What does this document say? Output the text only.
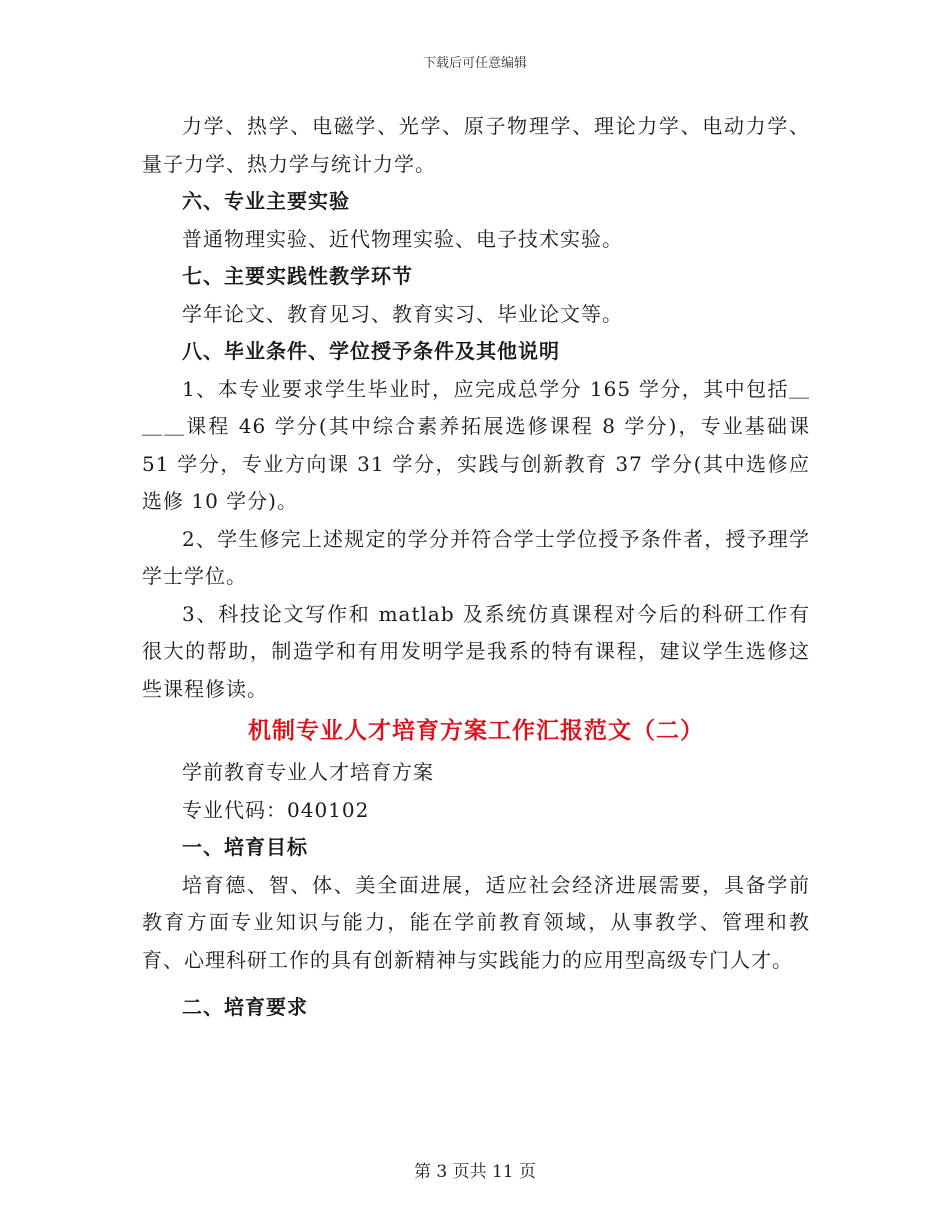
下载后可任意编辑

力学、热学、电磁学、光学、原子物理学、理论力学、电动力学、量子力学、热力学与统计力学。

六、专业主要实验

普通物理实验、近代物理实验、电子技术实验。

七、主要实践性教学环节

学年论文、教育见习、教育实习、毕业论文等。

八、毕业条件、学位授予条件及其他说明

1、本专业要求学生毕业时，应完成总学分 165 学分，其中包括＿＿＿课程 46 学分(其中综合素养拓展选修课程 8 学分)，专业基础课 51 学分，专业方向课 31 学分，实践与创新教育 37 学分(其中选修应选修 10 学分)。

2、学生修完上述规定的学分并符合学士学位授予条件者，授予理学学士学位。

3、科技论文写作和 matlab 及系统仿真课程对今后的科研工作有很大的帮助，制造学和有用发明学是我系的特有课程，建议学生选修这些课程修读。

机制专业人才培育方案工作汇报范文（二）

学前教育专业人才培育方案

专业代码：040102

一、培育目标

培育德、智、体、美全面进展，适应社会经济进展需要，具备学前教育方面专业知识与能力，能在学前教育领域，从事教学、管理和教育、心理科研工作的具有创新精神与实践能力的应用型高级专门人才。

二、培育要求

第 3 页共 11 页
